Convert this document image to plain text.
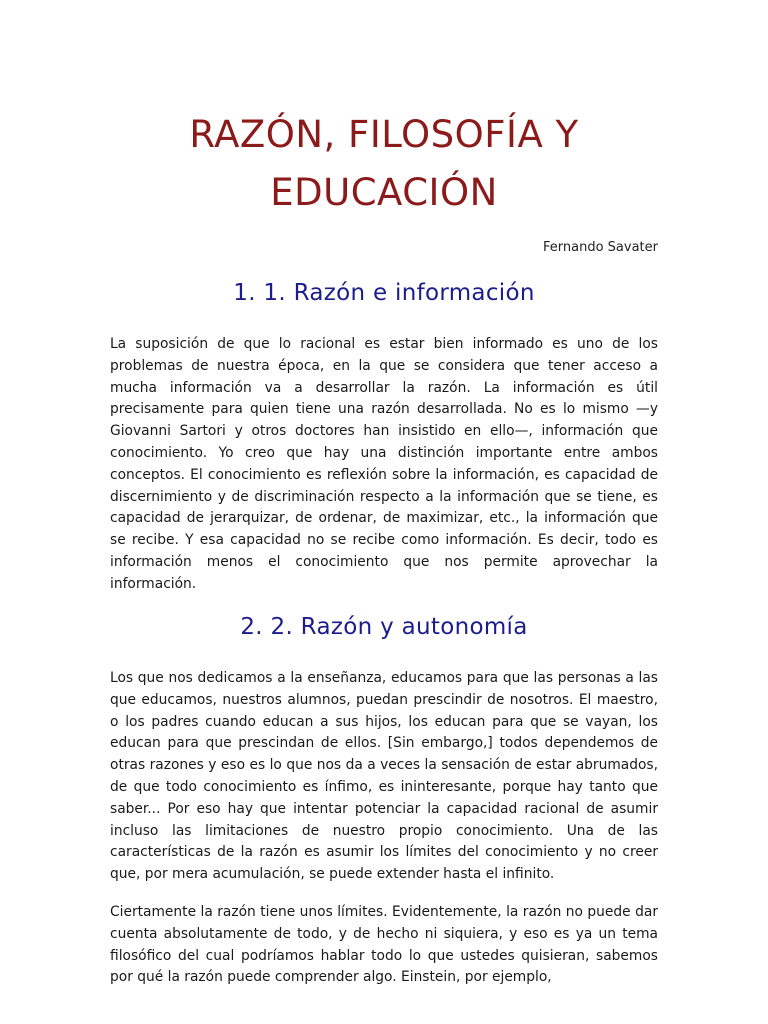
RAZÓN, FILOSOFÍA Y EDUCACIÓN
Fernando Savater
1. 1. Razón e información

La suposición de que lo racional es estar bien informado es uno de los problemas de nuestra época, en la que se considera que tener acceso a mucha información va a desarrollar la razón. La información es útil precisamente para quien tiene una razón desarrollada. No es lo mismo —y Giovanni Sartori y otros doctores han insistido en ello—, información que conocimiento. Yo creo que hay una distinción importante entre ambos conceptos. El conocimiento es reflexión sobre la información, es capacidad de discernimiento y de discriminación respecto a la información que se tiene, es capacidad de jerarquizar, de ordenar, de maximizar, etc., la información que se recibe. Y esa capacidad no se recibe como información. Es decir, todo es información menos el conocimiento que nos permite aprovechar la información.

2. 2. Razón y autonomía

Los que nos dedicamos a la enseñanza, educamos para que las personas a las que educamos, nuestros alumnos, puedan prescindir de nosotros. El maestro, o los padres cuando educan a sus hijos, los educan para que se vayan, los educan para que prescindan de ellos. [Sin embargo,] todos dependemos de otras razones y eso es lo que nos da a veces la sensación de estar abrumados, de que todo conocimiento es ínfimo, es ininteresante, porque hay tanto que saber... Por eso hay que intentar potenciar la capacidad racional de asumir incluso las limitaciones de nuestro propio conocimiento. Una de las características de la razón es asumir los límites del conocimiento y no creer que, por mera acumulación, se puede extender hasta el infinito.

Ciertamente la razón tiene unos límites. Evidentemente, la razón no puede dar cuenta absolutamente de todo, y de hecho ni siquiera, y eso es ya un tema filosófico del cual podríamos hablar todo lo que ustedes quisieran, sabemos por qué la razón puede comprender algo. Einstein, por ejemplo,
